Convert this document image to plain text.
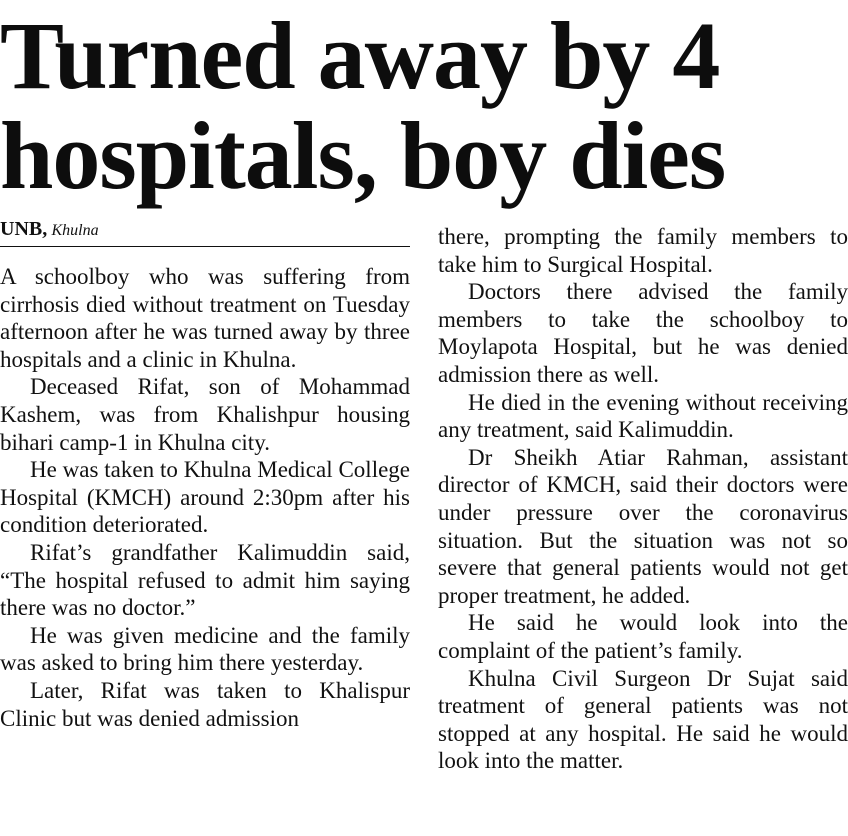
Turned away by 4
hospitals, boy dies
UNB, Khulna

A schoolboy who was suffering from cirrhosis died without treatment on Tuesday afternoon after he was turned away by three hospitals and a clinic in Khulna.

Deceased Rifat, son of Mohammad Kashem, was from Khalishpur housing bihari camp-1 in Khulna city.

He was taken to Khulna Medical College Hospital (KMCH) around 2:30pm after his condition deteriorated.

Rifat’s grandfather Kalimuddin said, “The hospital refused to admit him saying there was no doctor.”

He was given medicine and the family was asked to bring him there yesterday.

Later, Rifat was taken to Khalispur Clinic but was denied admission

there, prompting the family members to take him to Surgical Hospital.

Doctors there advised the family members to take the schoolboy to Moylapota Hospital, but he was denied admission there as well.

He died in the evening without receiving any treatment, said Kalimuddin.

Dr Sheikh Atiar Rahman, assistant director of KMCH, said their doctors were under pressure over the coronavirus situation. But the situation was not so severe that general patients would not get proper treatment, he added.

He said he would look into the complaint of the patient’s family.

Khulna Civil Surgeon Dr Sujat said treatment of general patients was not stopped at any hospital. He said he would look into the matter.
